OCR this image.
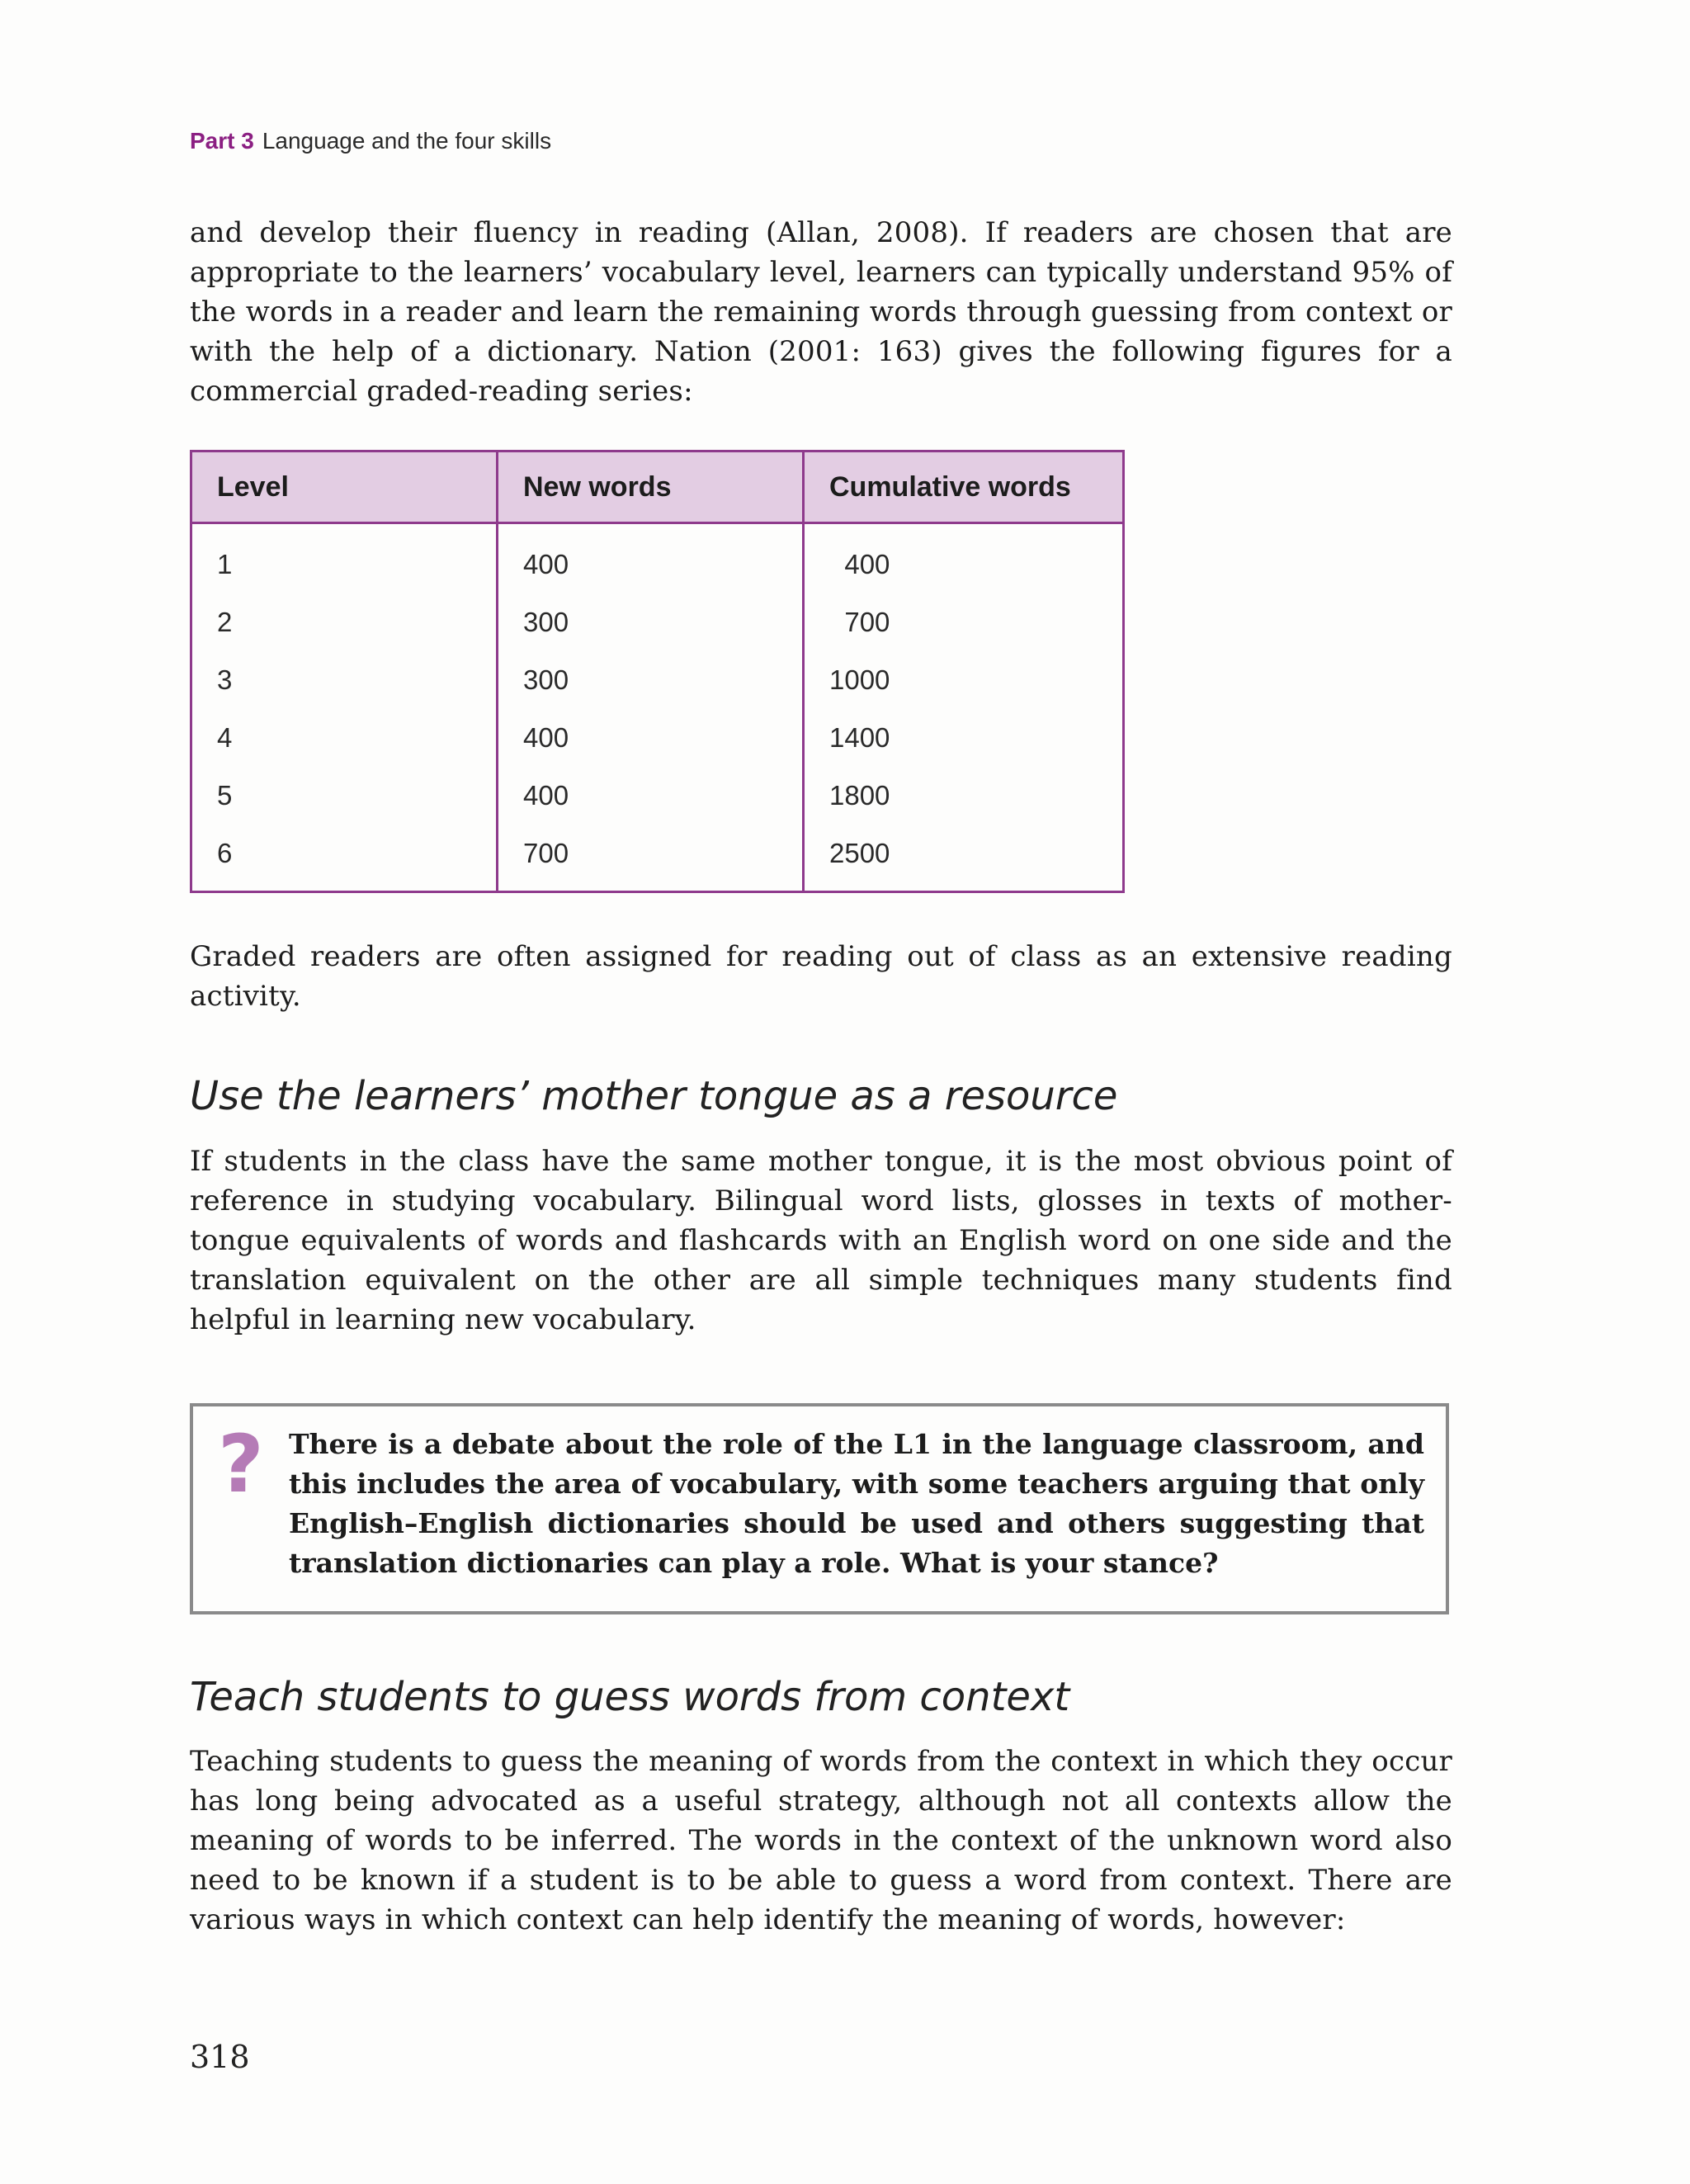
Part 3 Language and the four skills

and develop their fluency in reading (Allan, 2008). If readers are chosen that are appropriate to the learners’ vocabulary level, learners can typically understand 95% of the words in a reader and learn the remaining words through guessing from context or with the help of a dictionary. Nation (2001: 163) gives the following figures for a commercial graded-reading series:

Level	New words	Cumulative words
1	400	400
2	300	700
3	300	1000
4	400	1400
5	400	1800
6	700	2500

Graded readers are often assigned for reading out of class as an extensive reading activity.

Use the learners’ mother tongue as a resource

If students in the class have the same mother tongue, it is the most obvious point of reference in studying vocabulary. Bilingual word lists, glosses in texts of mother-tongue equivalents of words and flashcards with an English word on one side and the translation equivalent on the other are all simple techniques many students find helpful in learning new vocabulary.

? There is a debate about the role of the L1 in the language classroom, and this includes the area of vocabulary, with some teachers arguing that only English–English dictionaries should be used and others suggesting that translation dictionaries can play a role. What is your stance?

Teach students to guess words from context

Teaching students to guess the meaning of words from the context in which they occur has long being advocated as a useful strategy, although not all contexts allow the meaning of words to be inferred. The words in the context of the unknown word also need to be known if a student is to be able to guess a word from context. There are various ways in which context can help identify the meaning of words, however:

318
